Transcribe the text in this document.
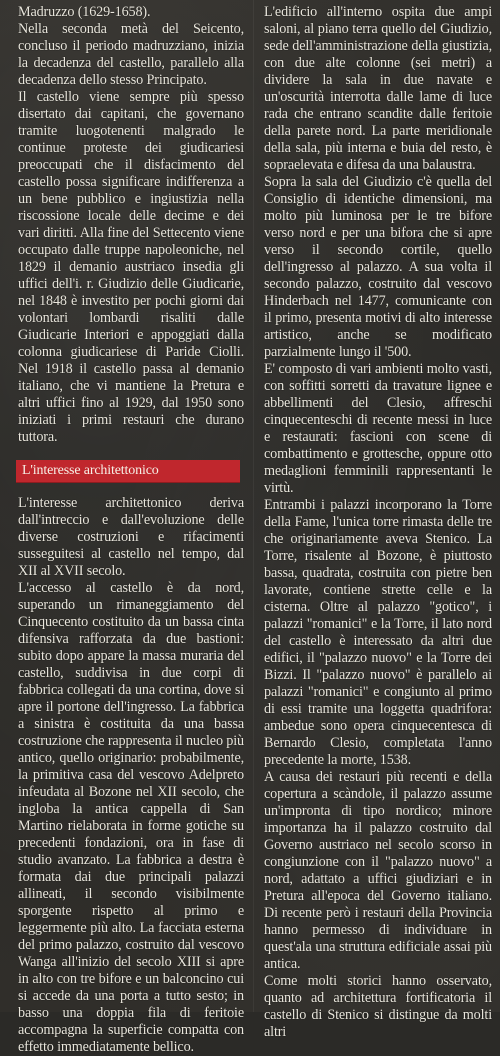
Madruzzo (1629-1658).

Nella seconda metà del Seicento, concluso il periodo madruzziano, inizia la decadenza del castello, parallelo alla decadenza dello stesso Principato.

Il castello viene sempre più spesso disertato dai capitani, che governano tramite luogotenenti malgrado le continue proteste dei giudicariesi preoccupati che il disfacimento del castello possa significare indifferenza a un bene pubblico e ingiustizia nella riscossione locale delle decime e dei vari diritti. Alla fine del Settecento viene occupato dalle truppe napoleoniche, nel 1829 il demanio austriaco insedia gli uffici dell'i. r. Giudizio delle Giudicarie, nel 1848 è investito per pochi giorni dai volontari lombardi risaliti dalle Giudicarie Interiori e appoggiati dalla colonna giudicariese di Paride Ciolli. Nel 1918 il castello passa al demanio italiano, che vi mantiene la Pretura e altri uffici fino al 1929, dal 1950 sono iniziati i primi restauri che durano tuttora.

L'interesse architettonico

L'interesse architettonico deriva dall'intreccio e dall'evoluzione delle diverse costruzioni e rifacimenti susseguitesi al castello nel tempo, dal XII al XVII secolo.

L'accesso al castello è da nord, superando un rimaneggiamento del Cinquecento costituito da un bassa cinta difensiva rafforzata da due bastioni: subito dopo appare la massa muraria del castello, suddivisa in due corpi di fabbrica collegati da una cortina, dove si apre il portone dell'ingresso. La fabbrica a sinistra è costituita da una bassa costruzione che rappresenta il nucleo più antico, quello originario: probabilmente, la primitiva casa del vescovo Adelpreto infeudata al Bozone nel XII secolo, che ingloba la antica cappella di San Martino rielaborata in forme gotiche su precedenti fondazioni, ora in fase di studio avanzato. La fabbrica a destra è formata dai due principali palazzi allineati, il secondo visibilmente sporgente rispetto al primo e leggermente più alto. La facciata esterna del primo palazzo, costruito dal vescovo Wanga all'inizio del secolo XIII si apre in alto con tre bifore e un balconcino cui si accede da una porta a tutto sesto; in basso una doppia fila di feritoie accompagna la superficie compatta con effetto immediatamente bellico.

L'edificio all'interno ospita due ampi saloni, al piano terra quello del Giudizio, sede dell'amministrazione della giustizia, con due alte colonne (sei metri) a dividere la sala in due navate e un'oscurità interrotta dalle lame di luce rada che entrano scandite dalle feritoie della parete nord. La parte meridionale della sala, più interna e buia del resto, è sopraelevata e difesa da una balaustra.

Sopra la sala del Giudizio c'è quella del Consiglio di identiche dimensioni, ma molto più luminosa per le tre bifore verso nord e per una bifora che si apre verso il secondo cortile, quello dell'ingresso al palazzo. A sua volta il secondo palazzo, costruito dal vescovo Hinderbach nel 1477, comunicante con il primo, presenta motivi di alto interesse artistico, anche se modificato parzialmente lungo il '500.

E' composto di vari ambienti molto vasti, con soffitti sorretti da travature lignee e abbellimenti del Clesio, affreschi cinquecenteschi di recente messi in luce e restaurati: fascioni con scene di combattimento e grottesche, oppure otto medaglioni femminili rappresentanti le virtù.

Entrambi i palazzi incorporano la Torre della Fame, l'unica torre rimasta delle tre che originariamente aveva Stenico. La Torre, risalente al Bozone, è piuttosto bassa, quadrata, costruita con pietre ben lavorate, contiene strette celle e la cisterna. Oltre al palazzo "gotico", i palazzi "romanici" e la Torre, il lato nord del castello è interessato da altri due edifici, il "palazzo nuovo" e la Torre dei Bizzi. Il "palazzo nuovo" è parallelo ai palazzi "romanici" e congiunto al primo di essi tramite una loggetta quadrifora: ambedue sono opera cinquecentesca di Bernardo Clesio, completata l'anno precedente la morte, 1538.

A causa dei restauri più recenti e della copertura a scàndole, il palazzo assume un'impronta di tipo nordico; minore importanza ha il palazzo costruito dal Governo austriaco nel secolo scorso in congiunzione con il "palazzo nuovo" a nord, adattato a uffici giudiziari e in Pretura all'epoca del Governo italiano. Di recente però i restauri della Provincia hanno permesso di individuare in quest'ala una struttura edificiale assai più antica.

Come molti storici hanno osservato, quanto ad architettura fortificatoria il castello di Stenico si distingue da molti altri
